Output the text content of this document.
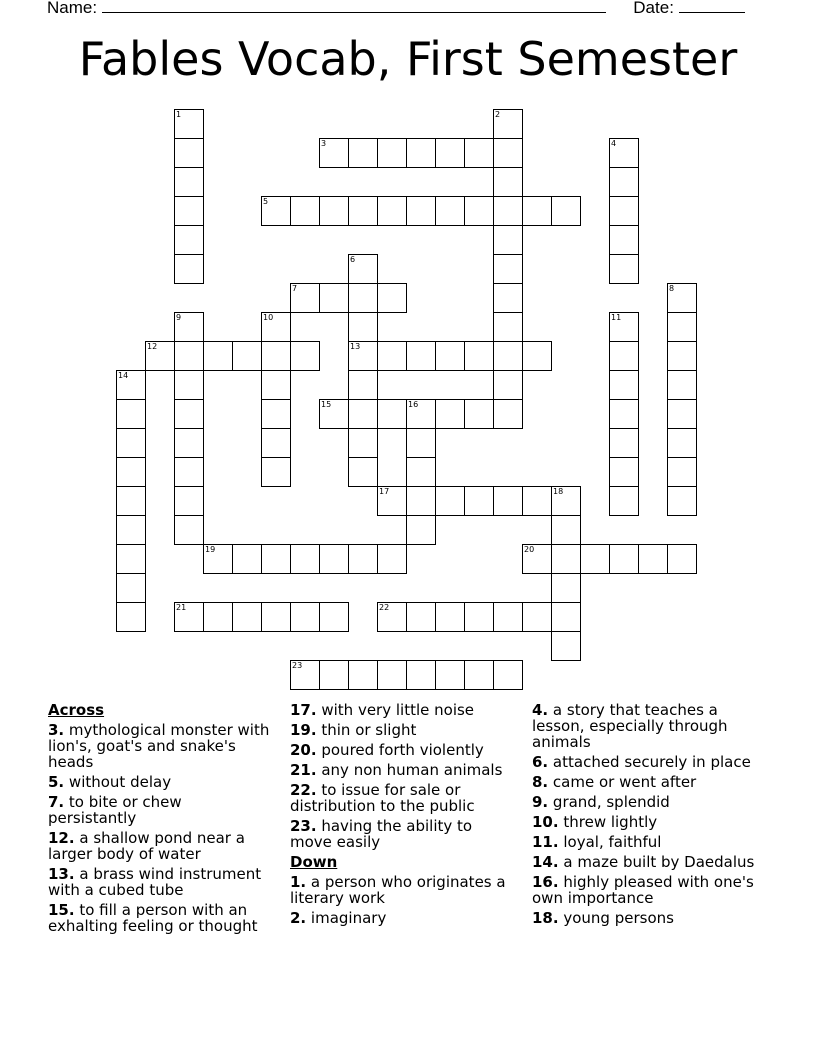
Name:	Date:
Fables Vocab, First Semester
1	2
3	4
5
6
13
7	8
9	10	11
12
14
15	16
17	18
19	20
21	22
23
Across
3. mythological monster with lion's, goat's and snake's heads
5. without delay
7. to bite or chew persistantly
12. a shallow pond near a larger body of water
13. a brass wind instrument with a cubed tube
15. to fill a person with an exhalting feeling or thought
17. with very little noise
19. thin or slight
20. poured forth violently
21. any non human animals
22. to issue for sale or distribution to the public
23. having the ability to move easily
Down
1. a person who originates a literary work
2. imaginary
4. a story that teaches a lesson, especially through animals
6. attached securely in place
8. came or went after
9. grand, splendid
10. threw lightly
11. loyal, faithful
14. a maze built by Daedalus
16. highly pleased with one's own importance
18. young persons
